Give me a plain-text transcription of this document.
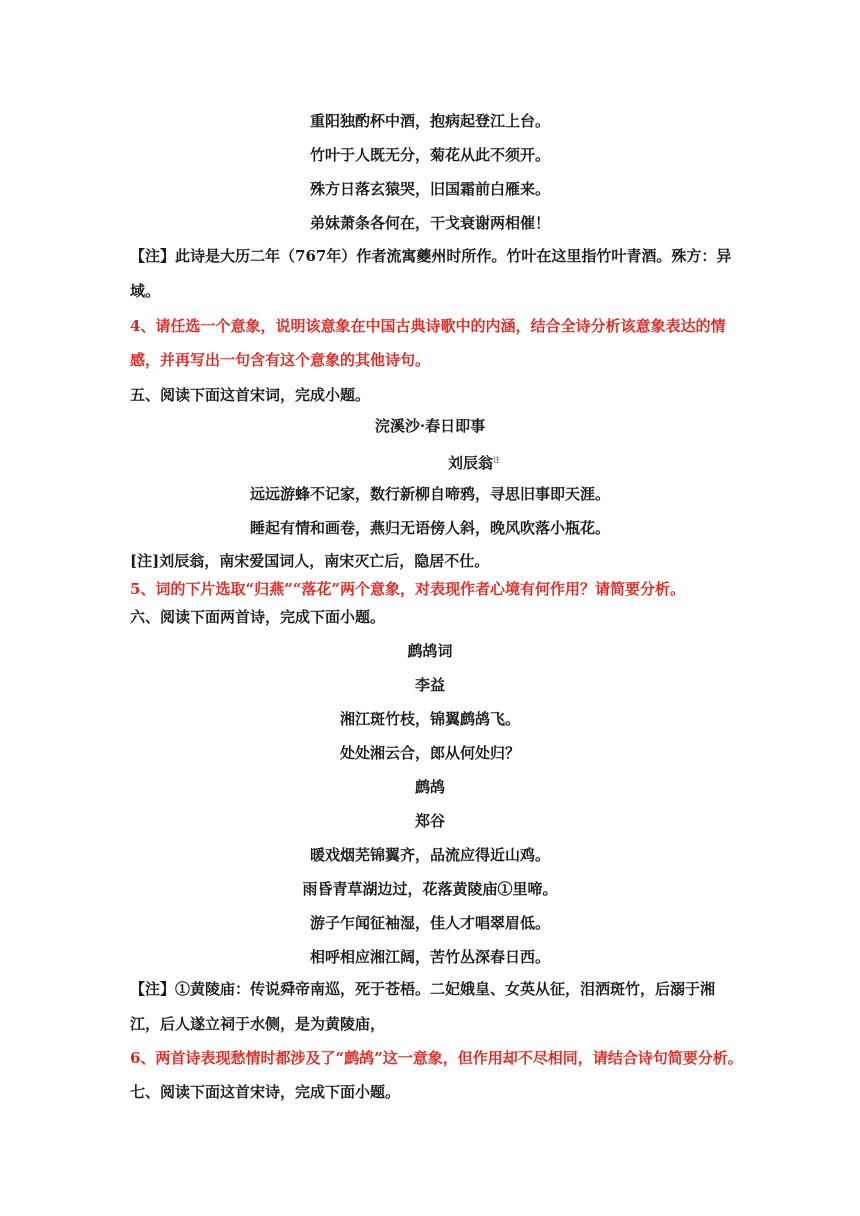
重阳独酌杯中酒，抱病起登江上台。
竹叶于人既无分，菊花从此不须开。
殊方日落玄猿哭，旧国霜前白雁来。
弟妹萧条各何在，干戈衰谢两相催！
【注】此诗是大历二年（767年）作者流寓夔州时所作。竹叶在这里指竹叶青酒。殊方：异
域。
4、请任选一个意象，说明该意象在中国古典诗歌中的内涵，结合全诗分析该意象表达的情
感，并再写出一句含有这个意象的其他诗句。
五、阅读下面这首宋词，完成小题。
浣溪沙·春日即事
刘辰翁$^注$
远远游蜂不记家，数行新柳自啼鸦，寻思旧事即天涯。
睡起有情和画卷，燕归无语傍人斜，晚风吹落小瓶花。
[注]刘辰翁，南宋爱国词人，南宋灭亡后，隐居不仕。
5、词的下片选取“归燕”“落花”两个意象，对表现作者心境有何作用？请简要分析。
六、阅读下面两首诗，完成下面小题。
鹧鸪词
李益
湘江斑竹枝，锦翼鹧鸪飞。
处处湘云合，郎从何处归？
鹧鸪
郑谷
暖戏烟芜锦翼齐，品流应得近山鸡。
雨昏青草湖边过，花落黄陵庙①里啼。
游子乍闻征袖湿，佳人才唱翠眉低。
相呼相应湘江阔，苦竹丛深春日西。
【注】①黄陵庙：传说舜帝南巡，死于苍梧。二妃娥皇、女英从征，泪洒斑竹，后溺于湘
江，后人遂立祠于水侧，是为黄陵庙，
6、两首诗表现愁情时都涉及了“鹧鸪”这一意象，但作用却不尽相同，请结合诗句简要分析。
七、阅读下面这首宋诗，完成下面小题。
